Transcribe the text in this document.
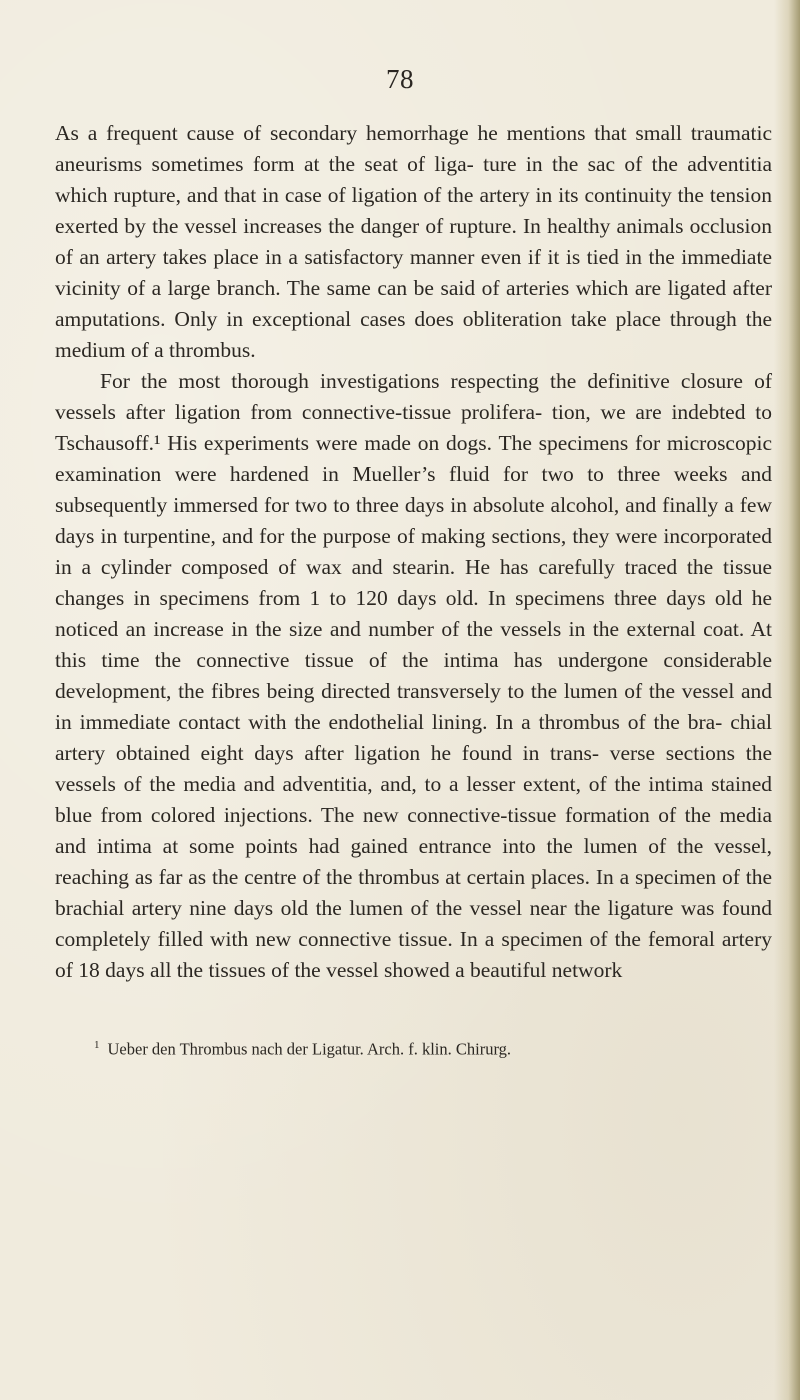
78

As a frequent cause of secondary hemorrhage he mentions that small traumatic aneurisms sometimes form at the seat of liga- ture in the sac of the adventitia which rupture, and that in case of ligation of the artery in its continuity the tension exerted by the vessel increases the danger of rupture. In healthy animals occlusion of an artery takes place in a satisfactory manner even if it is tied in the immediate vicinity of a large branch. The same can be said of arteries which are ligated after amputations. Only in exceptional cases does obliteration take place through the medium of a thrombus.

For the most thorough investigations respecting the definitive closure of vessels after ligation from connective-tissue prolifera- tion, we are indebted to Tschausoff.¹ His experiments were made on dogs. The specimens for microscopic examination were hardened in Mueller’s fluid for two to three weeks and subsequently immersed for two to three days in absolute alcohol, and finally a few days in turpentine, and for the purpose of making sections, they were incorporated in a cylinder composed of wax and stearin. He has carefully traced the tissue changes in specimens from 1 to 120 days old. In specimens three days old he noticed an increase in the size and number of the vessels in the external coat. At this time the connective tissue of the intima has undergone considerable development, the fibres being directed transversely to the lumen of the vessel and in immediate contact with the endothelial lining. In a thrombus of the bra- chial artery obtained eight days after ligation he found in trans- verse sections the vessels of the media and adventitia, and, to a lesser extent, of the intima stained blue from colored injections. The new connective-tissue formation of the media and intima at some points had gained entrance into the lumen of the vessel, reaching as far as the centre of the thrombus at certain places. In a specimen of the brachial artery nine days old the lumen of the vessel near the ligature was found completely filled with new connective tissue. In a specimen of the femoral artery of 18 days all the tissues of the vessel showed a beautiful network

$^1$ Ueber den Thrombus nach der Ligatur. Arch. f. klin. Chirurg.
